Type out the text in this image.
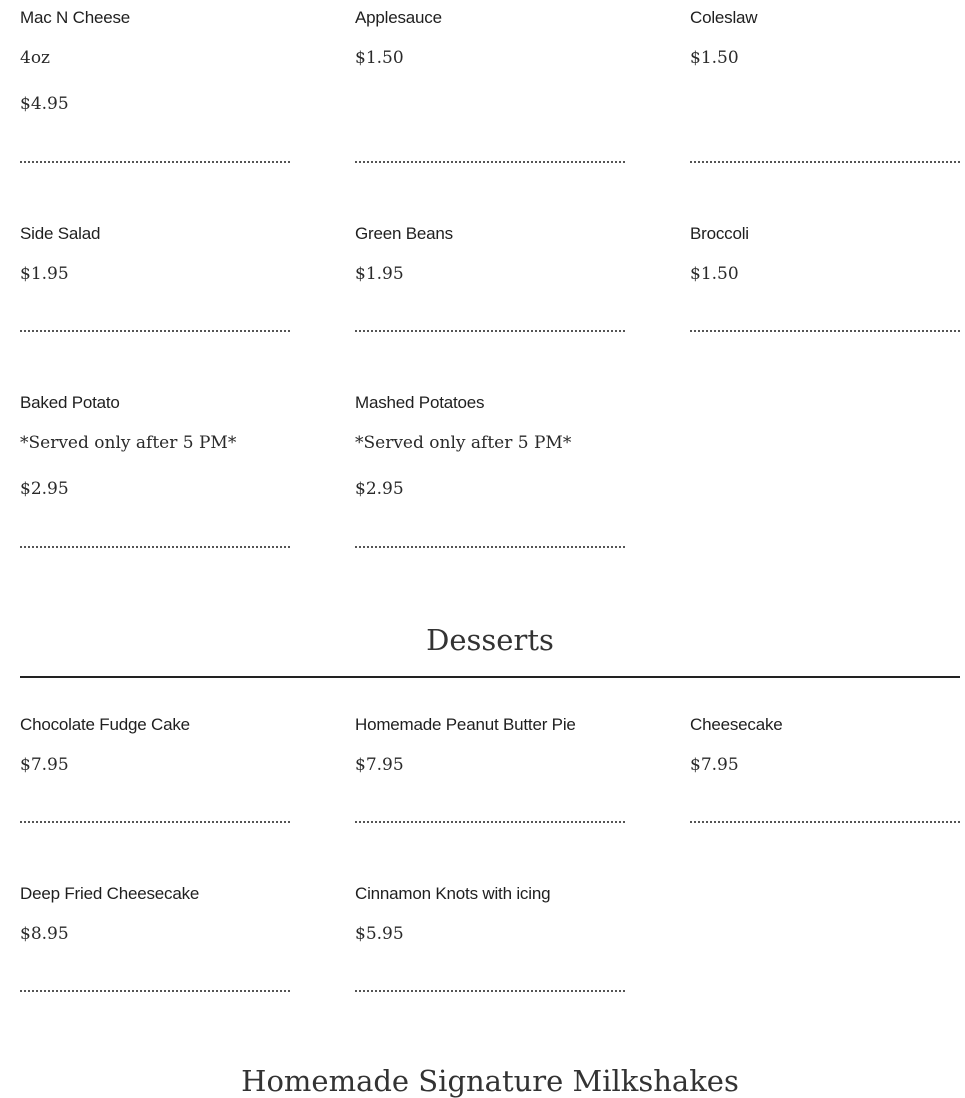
Mac N Cheese
4oz
$4.95
Applesauce
$1.50
Coleslaw
$1.50
Side Salad
$1.95
Green Beans
$1.95
Broccoli
$1.50
Baked Potato
*Served only after 5 PM*
$2.95
Mashed Potatoes
*Served only after 5 PM*
$2.95
Desserts
Chocolate Fudge Cake
$7.95
Homemade Peanut Butter Pie
$7.95
Cheesecake
$7.95
Deep Fried Cheesecake
$8.95
Cinnamon Knots with icing
$5.95
Homemade Signature Milkshakes
